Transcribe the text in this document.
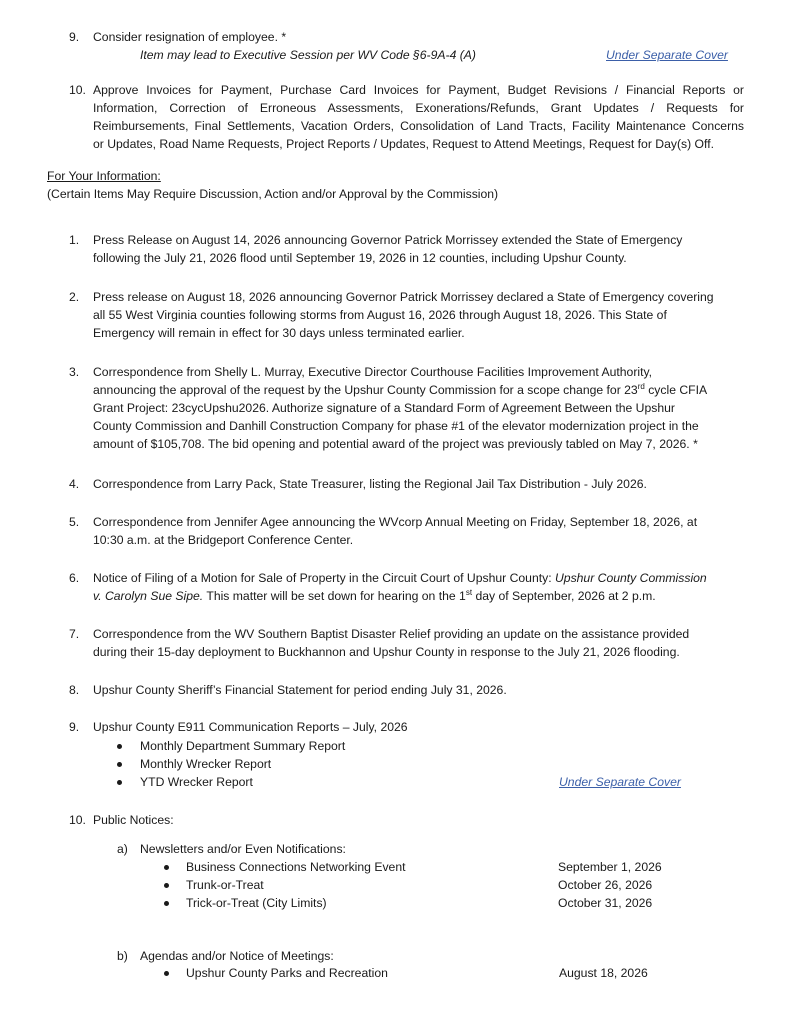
9. Consider resignation of employee. *
Item may lead to Executive Session per WV Code §6-9A-4 (A)	Under Separate Cover
10. Approve Invoices for Payment, Purchase Card Invoices for Payment, Budget Revisions / Financial Reports or
Information, Correction of Erroneous Assessments, Exonerations/Refunds, Grant Updates / Requests for
Reimbursements, Final Settlements, Vacation Orders, Consolidation of Land Tracts, Facility Maintenance Concerns
or Updates, Road Name Requests, Project Reports / Updates, Request to Attend Meetings, Request for Day(s) Off.
For Your Information:
(Certain Items May Require Discussion, Action and/or Approval by the Commission)
1. Press Release on August 14, 2026 announcing Governor Patrick Morrissey extended the State of Emergency
following the July 21, 2026 flood until September 19, 2026 in 12 counties, including Upshur County.
2. Press release on August 18, 2026 announcing Governor Patrick Morrissey declared a State of Emergency covering
all 55 West Virginia counties following storms from August 16, 2026 through August 18, 2026. This State of
Emergency will remain in effect for 30 days unless terminated earlier.
3. Correspondence from Shelly L. Murray, Executive Director Courthouse Facilities Improvement Authority,
announcing the approval of the request by the Upshur County Commission for a scope change for 23rd cycle CFIA
Grant Project: 23cycUpshu2026. Authorize signature of a Standard Form of Agreement Between the Upshur
County Commission and Danhill Construction Company for phase #1 of the elevator modernization project in the
amount of $105,708. The bid opening and potential award of the project was previously tabled on May 7, 2026. *
4. Correspondence from Larry Pack, State Treasurer, listing the Regional Jail Tax Distribution - July 2026.
5. Correspondence from Jennifer Agee announcing the WVcorp Annual Meeting on Friday, September 18, 2026, at
10:30 a.m. at the Bridgeport Conference Center.
6. Notice of Filing of a Motion for Sale of Property in the Circuit Court of Upshur County: Upshur County Commission
v. Carolyn Sue Sipe. This matter will be set down for hearing on the 1st day of September, 2026 at 2 p.m.
7. Correspondence from the WV Southern Baptist Disaster Relief providing an update on the assistance provided
during their 15-day deployment to Buckhannon and Upshur County in response to the July 21, 2026 flooding.
8. Upshur County Sheriff’s Financial Statement for period ending July 31, 2026.
9. Upshur County E911 Communication Reports – July, 2026
Monthly Department Summary Report
Monthly Wrecker Report
YTD Wrecker Report	Under Separate Cover
10. Public Notices:
a) Newsletters and/or Even Notifications:
Business Connections Networking Event	September 1, 2026
Trunk-or-Treat	October 26, 2026
Trick-or-Treat (City Limits)	October 31, 2026
b) Agendas and/or Notice of Meetings:
Upshur County Parks and Recreation	August 18, 2026
